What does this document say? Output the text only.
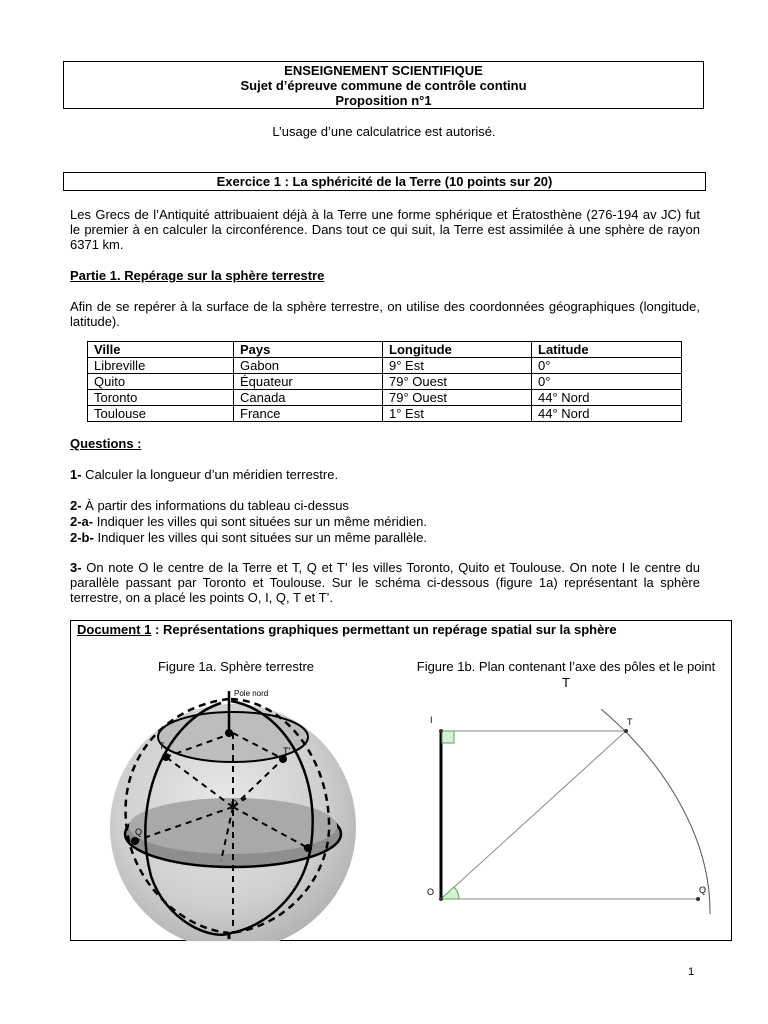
ENSEIGNEMENT SCIENTIFIQUE
Sujet d’épreuve commune de contrôle continu
Proposition n°1
L’usage d’une calculatrice est autorisé.
Exercice 1 : La sphéricité de la Terre (10 points sur 20)
Les Grecs de l’Antiquité attribuaient déjà à la Terre une forme sphérique et Ératosthène (276-194 av JC) fut le premier à en calculer la circonférence. Dans tout ce qui suit, la Terre est assimilée à une sphère de rayon 6371 km.
Partie 1. Repérage sur la sphère terrestre
Afin de se repérer à la surface de la sphère terrestre, on utilise des coordonnées géographiques (longitude, latitude).
Ville	Pays	Longitude	Latitude
Libreville	Gabon	9° Est	0°
Quito	Équateur	79° Ouest	0°
Toronto	Canada	79° Ouest	44° Nord
Toulouse	France	1° Est	44° Nord
Questions :
1- Calculer la longueur d’un méridien terrestre.
2- À partir des informations du tableau ci-dessus
2-a- Indiquer les villes qui sont situées sur un même méridien.
2-b- Indiquer les villes qui sont situées sur un même parallèle.
3- On note O le centre de la Terre et T, Q et T’ les villes Toronto, Quito et Toulouse. On note I le centre du parallèle passant par Toronto et Toulouse. Sur le schéma ci-dessous (figure 1a) représentant la sphère terrestre, on a placé les points O, I, Q, T et T’.
Document 1 : Représentations graphiques permettant un repérage spatial sur la sphère
Figure 1a. Sphère terrestre	Figure 1b. Plan contenant l’axe des pôles et le point T
Pole nord
T	T'
O
Q
I	T
O	Q
1
